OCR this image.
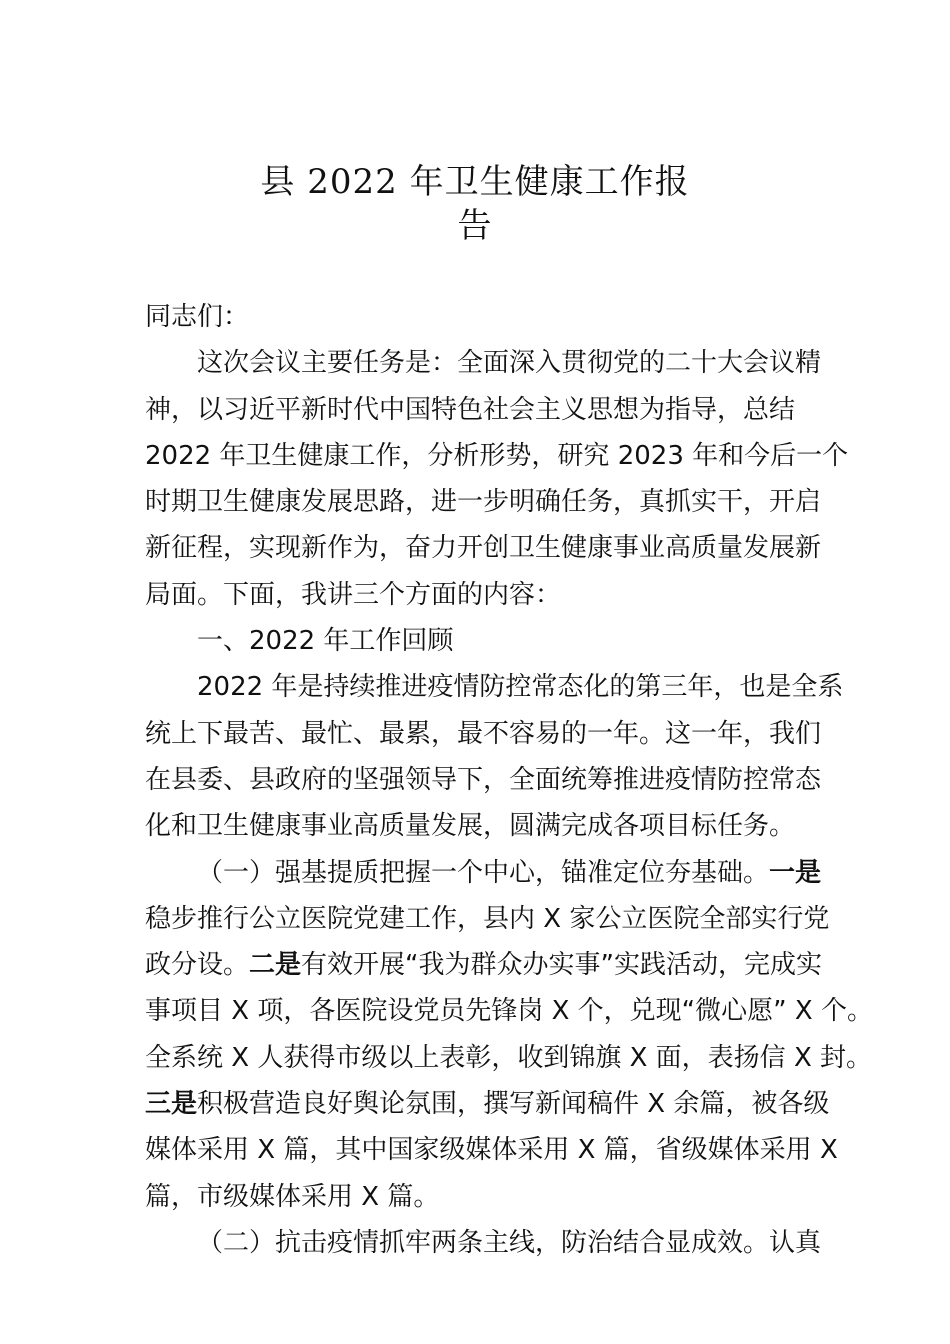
县 2022 年卫生健康工作报
告
同志们：
这次会议主要任务是：全面深入贯彻党的二十大会议精
神，以习近平新时代中国特色社会主义思想为指导，总结
2022 年卫生健康工作，分析形势，研究 2023 年和今后一个
时期卫生健康发展思路，进一步明确任务，真抓实干，开启
新征程，实现新作为，奋力开创卫生健康事业高质量发展新
局面。下面，我讲三个方面的内容：
一、2022 年工作回顾
2022 年是持续推进疫情防控常态化的第三年，也是全系
统上下最苦、最忙、最累，最不容易的一年。这一年，我们
在县委、县政府的坚强领导下，全面统筹推进疫情防控常态
化和卫生健康事业高质量发展，圆满完成各项目标任务。
（一）强基提质把握一个中心，锚准定位夯基础。一是
稳步推行公立医院党建工作，县内 X 家公立医院全部实行党
政分设。二是有效开展“我为群众办实事”实践活动，完成实
事项目 X 项，各医院设党员先锋岗 X 个，兑现“微心愿” X 个。
全系统 X 人获得市级以上表彰，收到锦旗 X 面，表扬信 X 封。
三是积极营造良好舆论氛围，撰写新闻稿件 X 余篇，被各级
媒体采用 X 篇，其中国家级媒体采用 X 篇，省级媒体采用 X
篇，市级媒体采用 X 篇。
（二）抗击疫情抓牢两条主线，防治结合显成效。认真
